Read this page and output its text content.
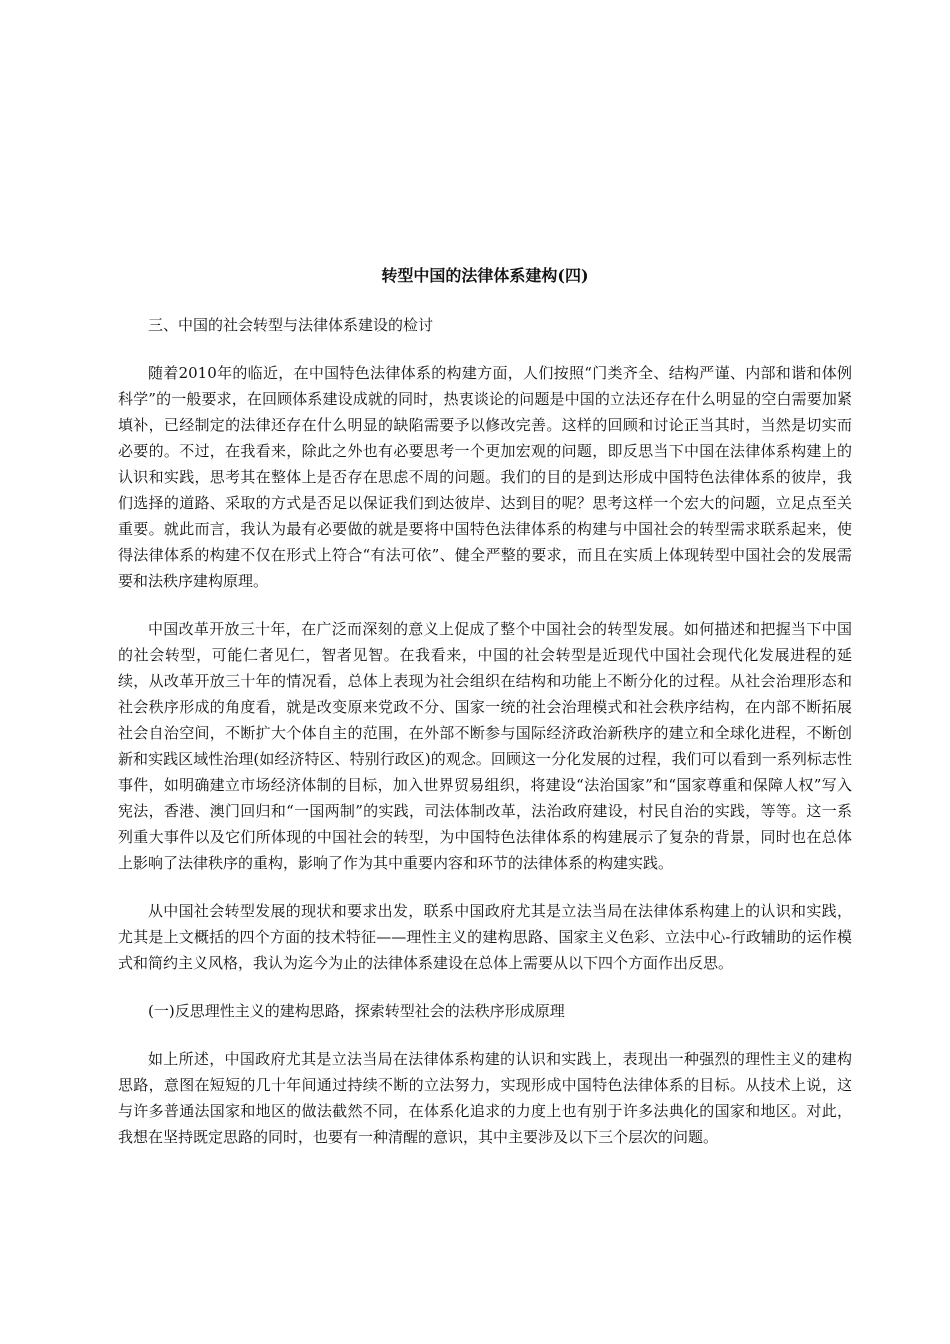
转型中国的法律体系建构(四)
三、中国的社会转型与法律体系建设的检讨
随着2010年的临近，在中国特色法律体系的构建方面，人们按照“门类齐全、结构严谨、内部和谐和体例科学”的一般要求，在回顾体系建设成就的同时，热衷谈论的问题是中国的立法还存在什么明显的空白需要加紧填补，已经制定的法律还存在什么明显的缺陷需要予以修改完善。这样的回顾和讨论正当其时，当然是切实而必要的。不过，在我看来，除此之外也有必要思考一个更加宏观的问题，即反思当下中国在法律体系构建上的认识和实践，思考其在整体上是否存在思虑不周的问题。我们的目的是到达形成中国特色法律体系的彼岸，我们选择的道路、采取的方式是否足以保证我们到达彼岸、达到目的呢？思考这样一个宏大的问题，立足点至关重要。就此而言，我认为最有必要做的就是要将中国特色法律体系的构建与中国社会的转型需求联系起来，使得法律体系的构建不仅在形式上符合“有法可依”、健全严整的要求，而且在实质上体现转型中国社会的发展需要和法秩序建构原理。
中国改革开放三十年，在广泛而深刻的意义上促成了整个中国社会的转型发展。如何描述和把握当下中国的社会转型，可能仁者见仁，智者见智。在我看来，中国的社会转型是近现代中国社会现代化发展进程的延续，从改革开放三十年的情况看，总体上表现为社会组织在结构和功能上不断分化的过程。从社会治理形态和社会秩序形成的角度看，就是改变原来党政不分、国家一统的社会治理模式和社会秩序结构，在内部不断拓展社会自治空间，不断扩大个体自主的范围，在外部不断参与国际经济政治新秩序的建立和全球化进程，不断创新和实践区域性治理(如经济特区、特别行政区)的观念。回顾这一分化发展的过程，我们可以看到一系列标志性事件，如明确建立市场经济体制的目标，加入世界贸易组织，将建设“法治国家”和“国家尊重和保障人权”写入宪法，香港、澳门回归和“一国两制”的实践，司法体制改革，法治政府建设，村民自治的实践，等等。这一系列重大事件以及它们所体现的中国社会的转型，为中国特色法律体系的构建展示了复杂的背景，同时也在总体上影响了法律秩序的重构，影响了作为其中重要内容和环节的法律体系的构建实践。
从中国社会转型发展的现状和要求出发，联系中国政府尤其是立法当局在法律体系构建上的认识和实践，尤其是上文概括的四个方面的技术特征——理性主义的建构思路、国家主义色彩、立法中心-行政辅助的运作模式和简约主义风格，我认为迄今为止的法律体系建设在总体上需要从以下四个方面作出反思。
(一)反思理性主义的建构思路，探索转型社会的法秩序形成原理
如上所述，中国政府尤其是立法当局在法律体系构建的认识和实践上，表现出一种强烈的理性主义的建构思路，意图在短短的几十年间通过持续不断的立法努力，实现形成中国特色法律体系的目标。从技术上说，这与许多普通法国家和地区的做法截然不同，在体系化追求的力度上也有别于许多法典化的国家和地区。对此，我想在坚持既定思路的同时，也要有一种清醒的意识，其中主要涉及以下三个层次的问题。
